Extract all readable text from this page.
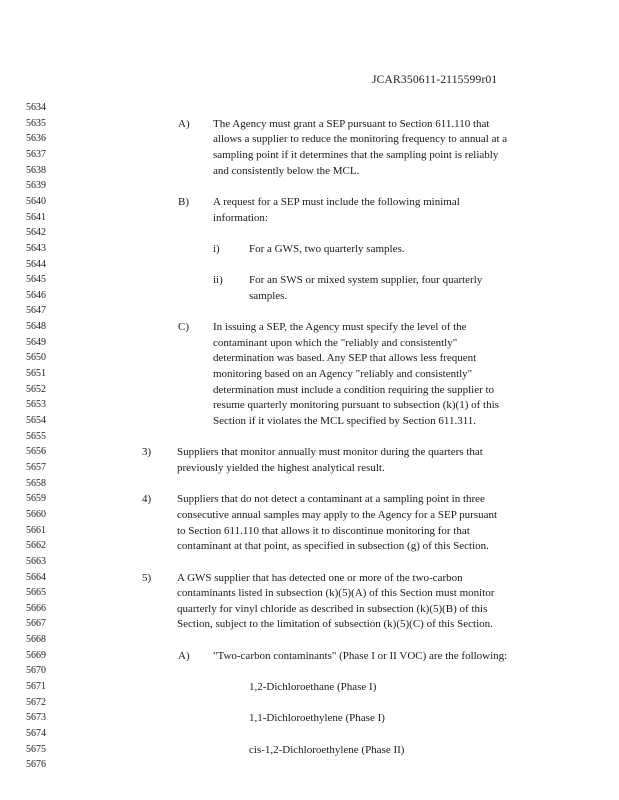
JCAR350611-2115599r01
5634
5635	A) The Agency must grant a SEP pursuant to Section 611.110 that
5636	allows a supplier to reduce the monitoring frequency to annual at a
5637	sampling point if it determines that the sampling point is reliably
5638	and consistently below the MCL.
5639
5640	B) A request for a SEP must include the following minimal
5641	information:
5642
5643	i)	For a GWS, two quarterly samples.
5644
5645	ii) For an SWS or mixed system supplier, four quarterly
5646	samples.
5647
5648	C) In issuing a SEP, the Agency must specify the level of the
5649	contaminant upon which the "reliably and consistently"
5650	determination was based. Any SEP that allows less frequent
5651	monitoring based on an Agency "reliably and consistently"
5652	determination must include a condition requiring the supplier to
5653	resume quarterly monitoring pursuant to subsection (k)(1) of this
5654	Section if it violates the MCL specified by Section 611.311.
5655
5656	3) Suppliers that monitor annually must monitor during the quarters that
5657	previously yielded the highest analytical result.
5658
5659	4) Suppliers that do not detect a contaminant at a sampling point in three
5660	consecutive annual samples may apply to the Agency for a SEP pursuant
5661	to Section 611.110 that allows it to discontinue monitoring for that
5662	contaminant at that point, as specified in subsection (g) of this Section.
5663
5664	5) A GWS supplier that has detected one or more of the two-carbon
5665	contaminants listed in subsection (k)(5)(A) of this Section must monitor
5666	quarterly for vinyl chloride as described in subsection (k)(5)(B) of this
5667	Section, subject to the limitation of subsection (k)(5)(C) of this Section.
5668
5669	A) "Two-carbon contaminants" (Phase I or II VOC) are the following:
5670
5671	1,2-Dichloroethane (Phase I)
5672
5673	1,1-Dichloroethylene (Phase I)
5674
5675	cis-1,2-Dichloroethylene (Phase II)
5676
